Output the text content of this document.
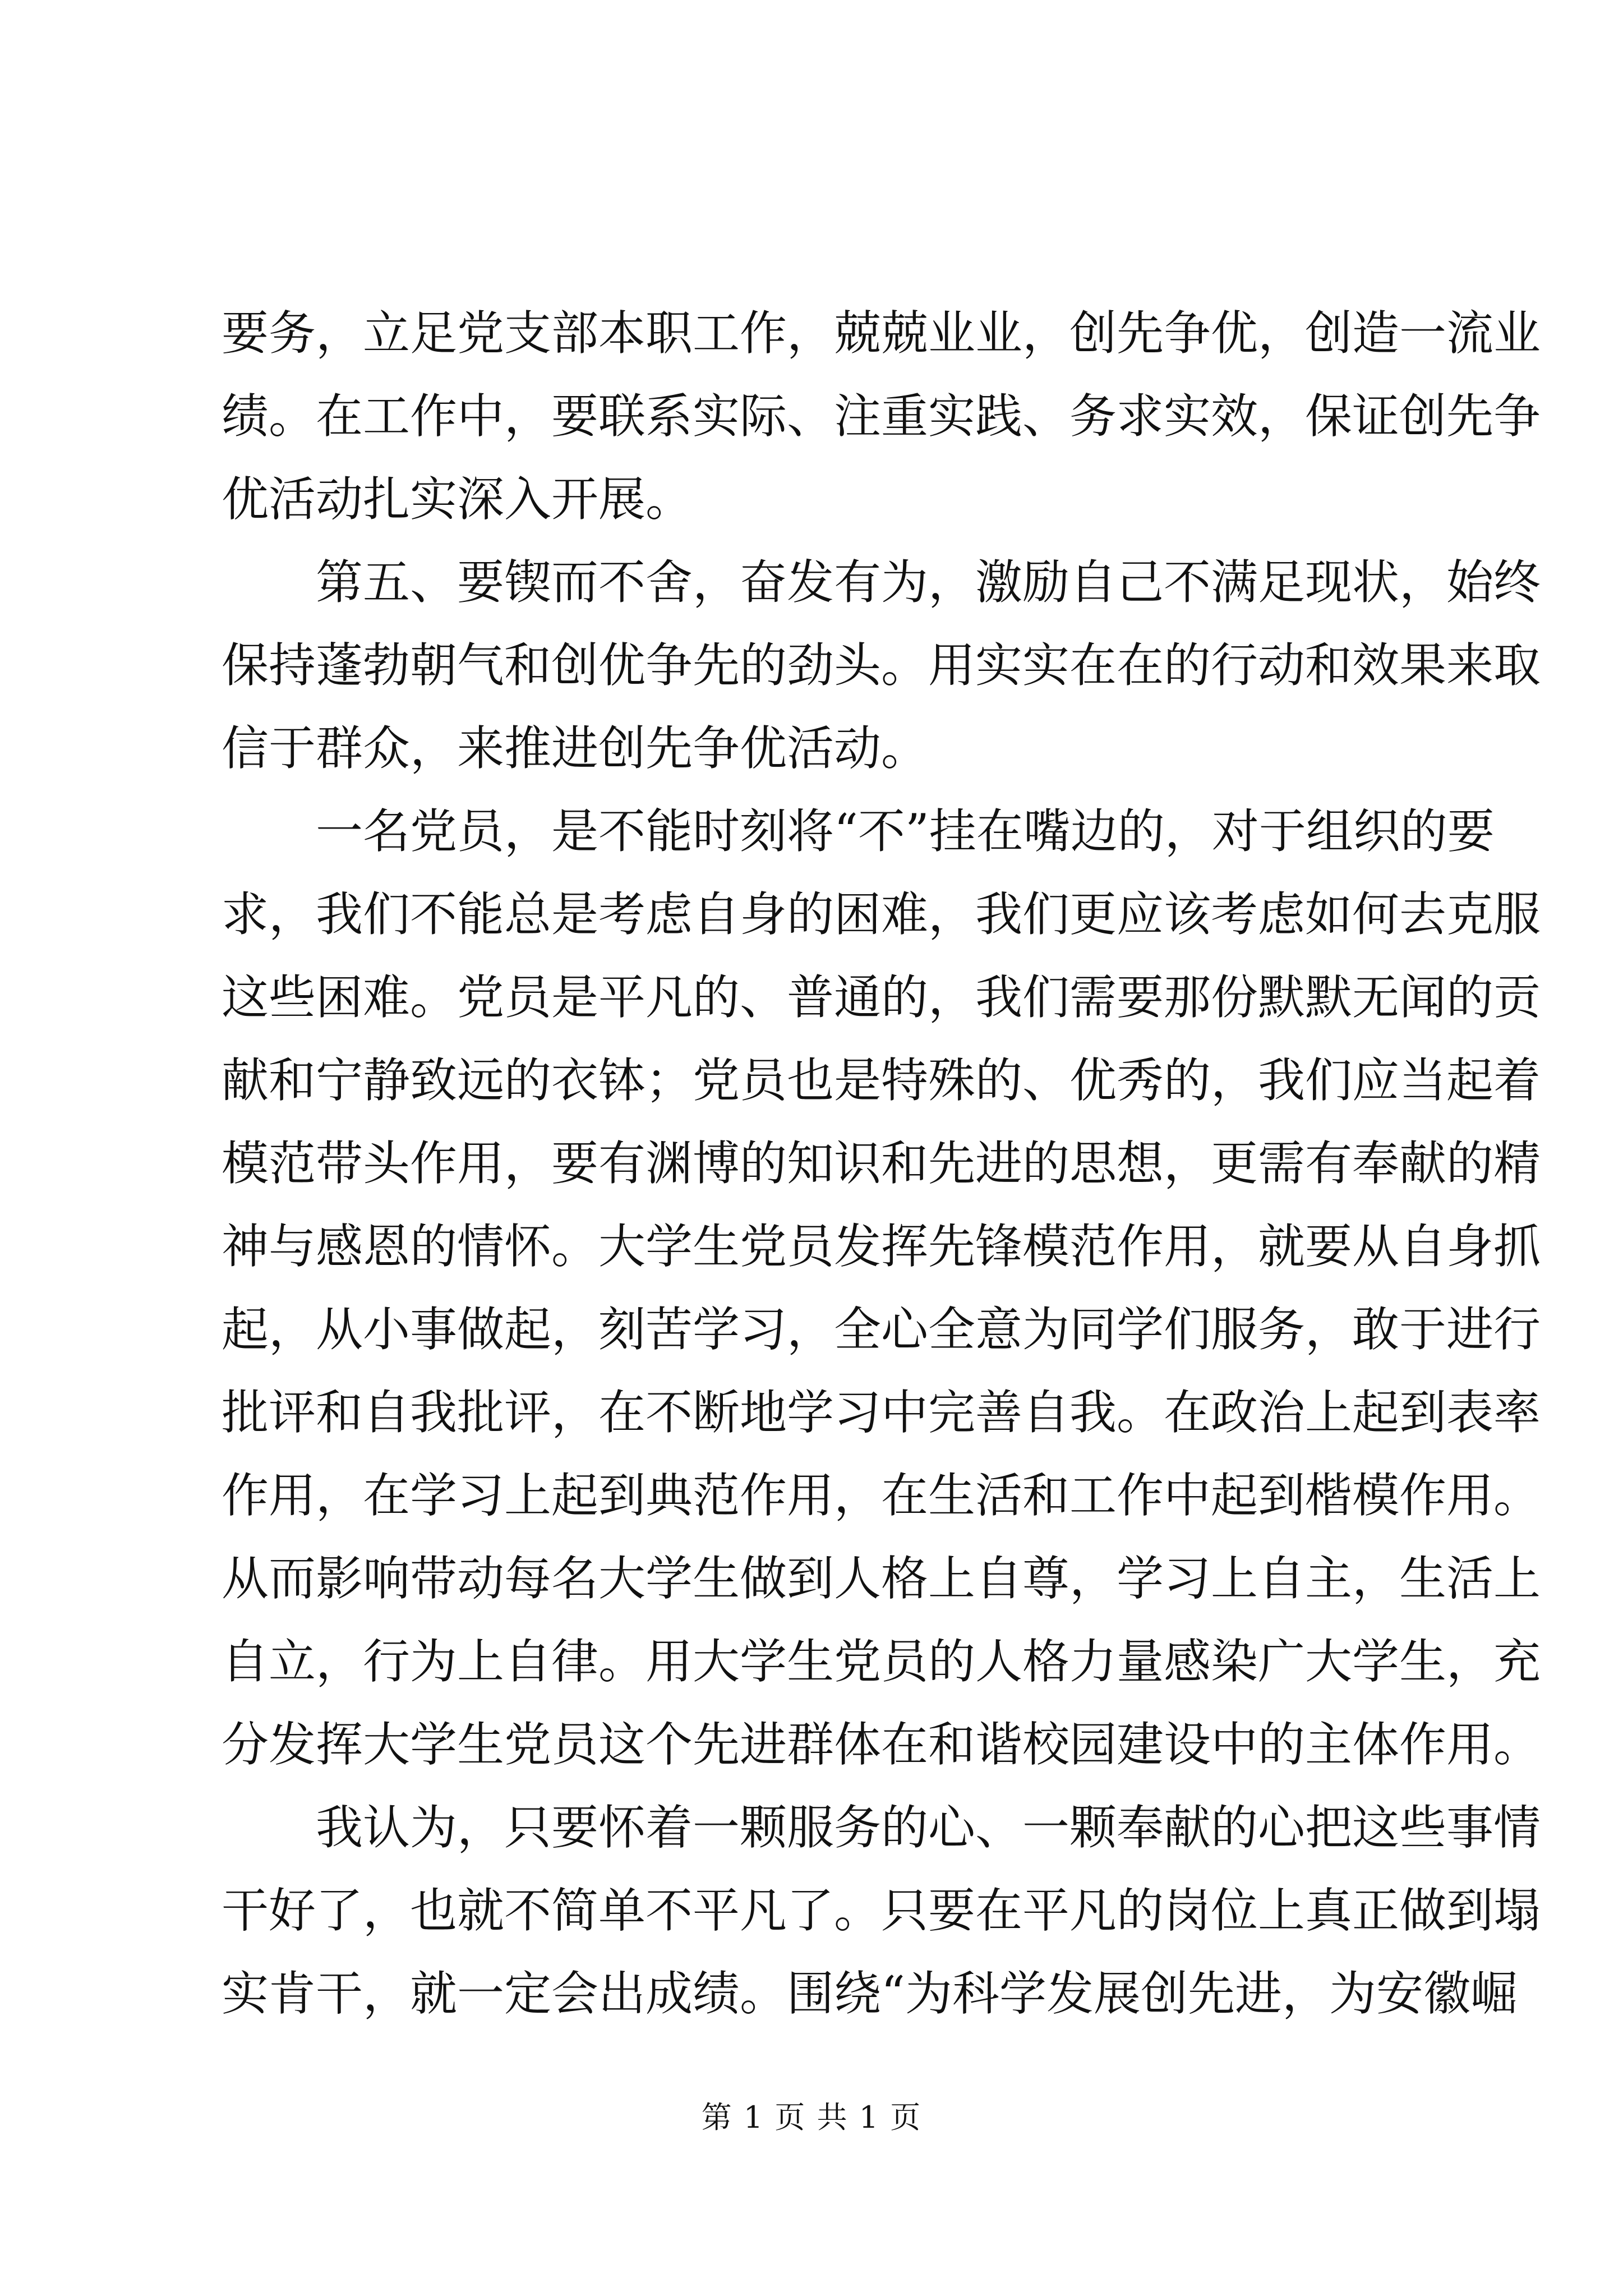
要务，立足党支部本职工作，兢兢业业，创先争优，创造一流业
绩。在工作中，要联系实际、注重实践、务求实效，保证创先争
优活动扎实深入开展。
第五、要锲而不舍，奋发有为，激励自己不满足现状，始终
保持蓬勃朝气和创优争先的劲头。用实实在在的行动和效果来取
信于群众，来推进创先争优活动。
一名党员，是不能时刻将“不”挂在嘴边的，对于组织的要
求，我们不能总是考虑自身的困难，我们更应该考虑如何去克服
这些困难。党员是平凡的、普通的，我们需要那份默默无闻的贡
献和宁静致远的衣钵；党员也是特殊的、优秀的，我们应当起着
模范带头作用，要有渊博的知识和先进的思想，更需有奉献的精
神与感恩的情怀。大学生党员发挥先锋模范作用，就要从自身抓
起，从小事做起，刻苦学习，全心全意为同学们服务，敢于进行
批评和自我批评，在不断地学习中完善自我。在政治上起到表率
作用，在学习上起到典范作用，在生活和工作中起到楷模作用。
从而影响带动每名大学生做到人格上自尊，学习上自主，生活上
自立，行为上自律。用大学生党员的人格力量感染广大学生，充
分发挥大学生党员这个先进群体在和谐校园建设中的主体作用。
我认为，只要怀着一颗服务的心、一颗奉献的心把这些事情
干好了，也就不简单不平凡了。只要在平凡的岗位上真正做到塌
实肯干，就一定会出成绩。围绕“为科学发展创先进，为安徽崛
第 1 页 共 1 页
